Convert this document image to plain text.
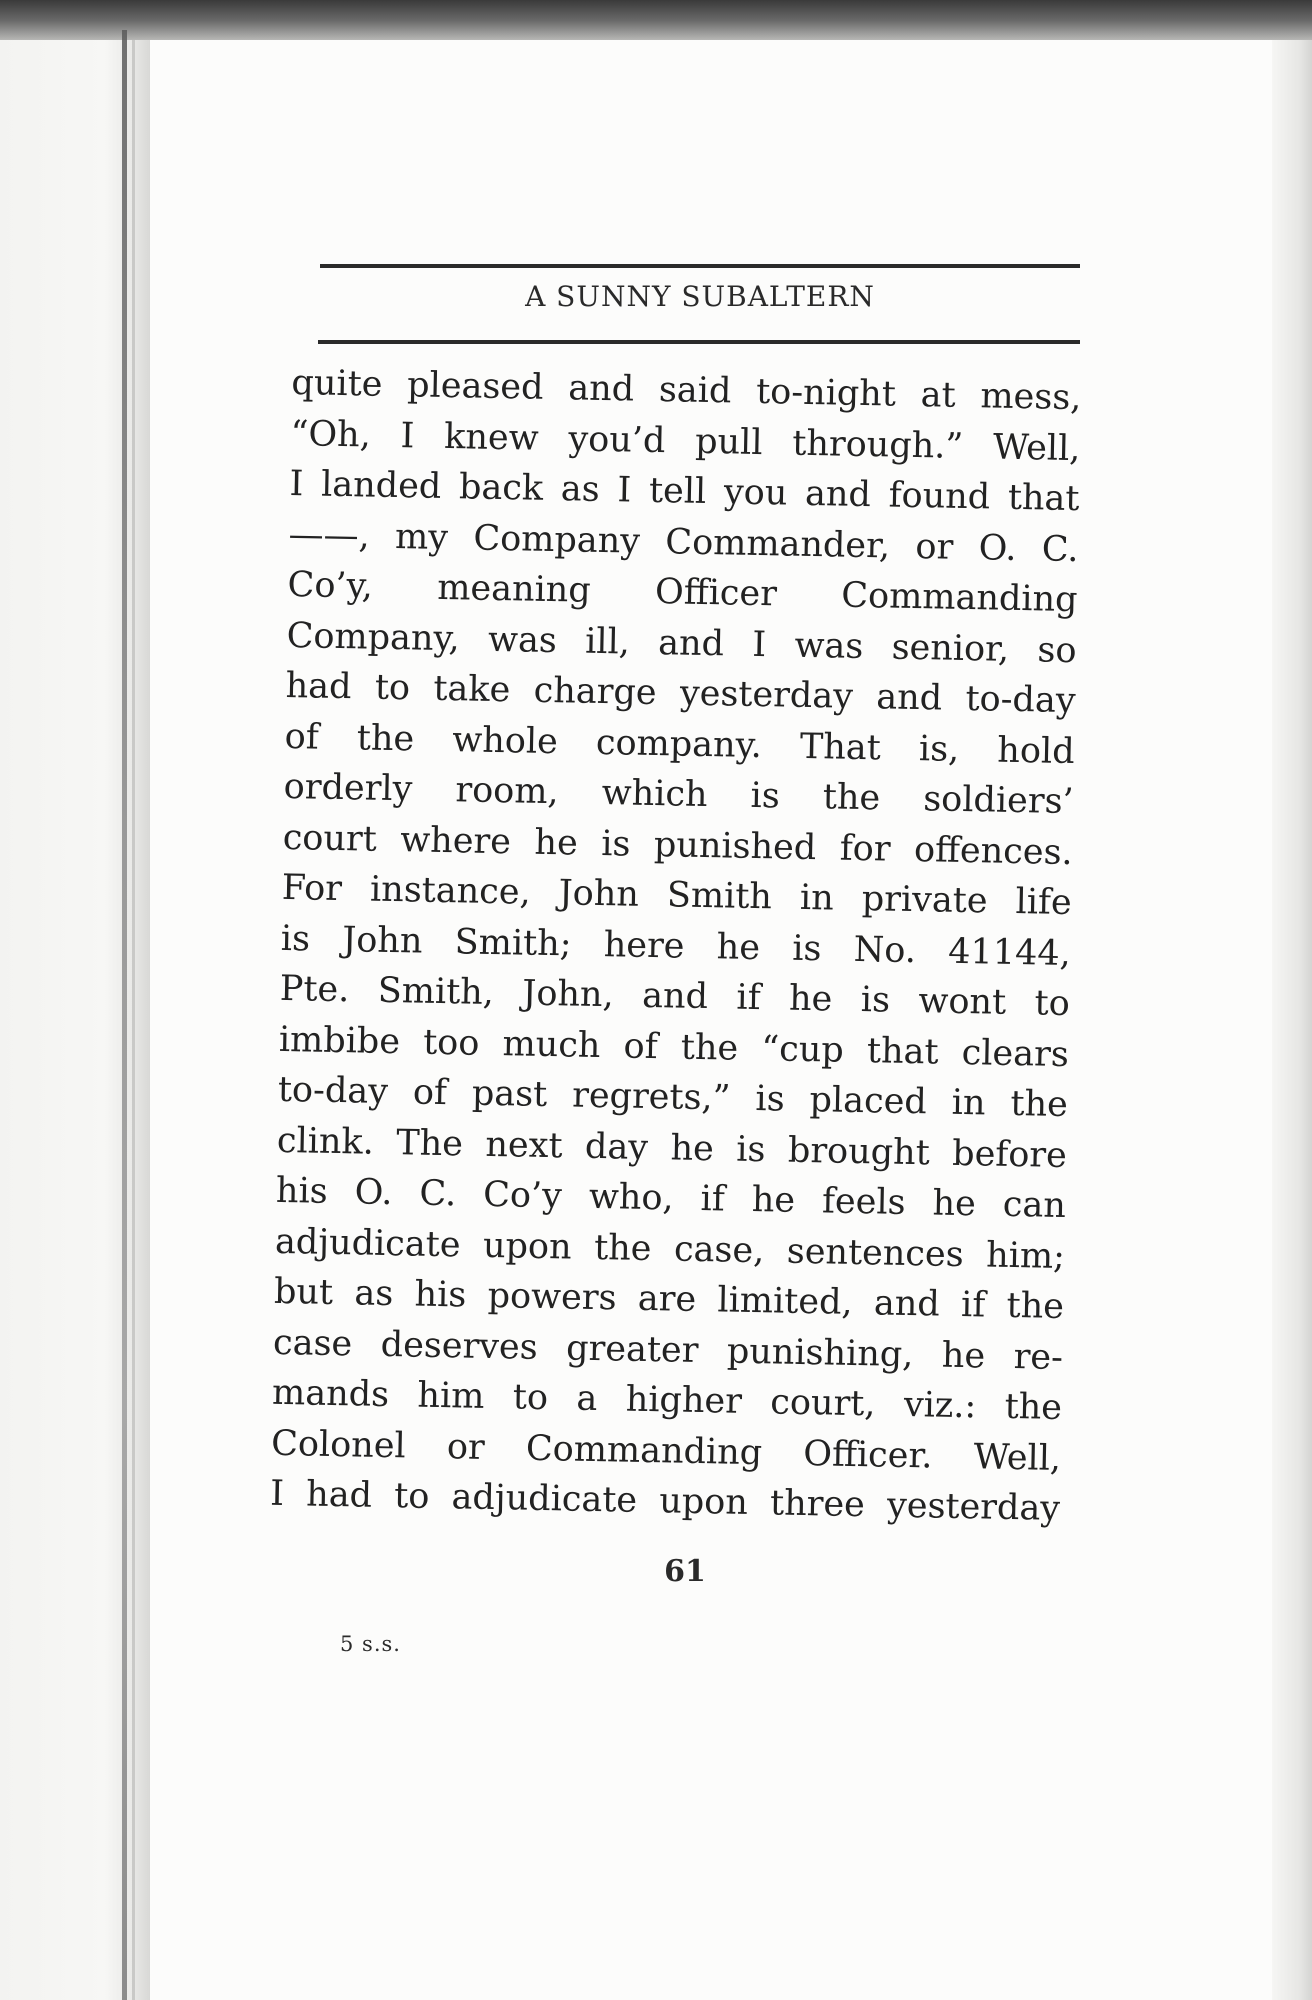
A SUNNY SUBALTERN
quite pleased and said to-night at mess,
“Oh, I knew you’d pull through.” Well,
I landed back as I tell you and found that
——, my Company Commander, or O. C.
Co’y, meaning Officer Commanding
Company, was ill, and I was senior, so
had to take charge yesterday and to-day
of the whole company. That is, hold
orderly room, which is the soldiers’
court where he is punished for offences.
For instance, John Smith in private life
is John Smith; here he is No. 41144,
Pte. Smith, John, and if he is wont to
imbibe too much of the “cup that clears
to-day of past regrets,” is placed in the
clink. The next day he is brought before
his O. C. Co’y who, if he feels he can
adjudicate upon the case, sentences him;
but as his powers are limited, and if the
case deserves greater punishing, he re-
mands him to a higher court, viz.: the
Colonel or Commanding Officer. Well,
I had to adjudicate upon three yesterday
61
5 s.s.
